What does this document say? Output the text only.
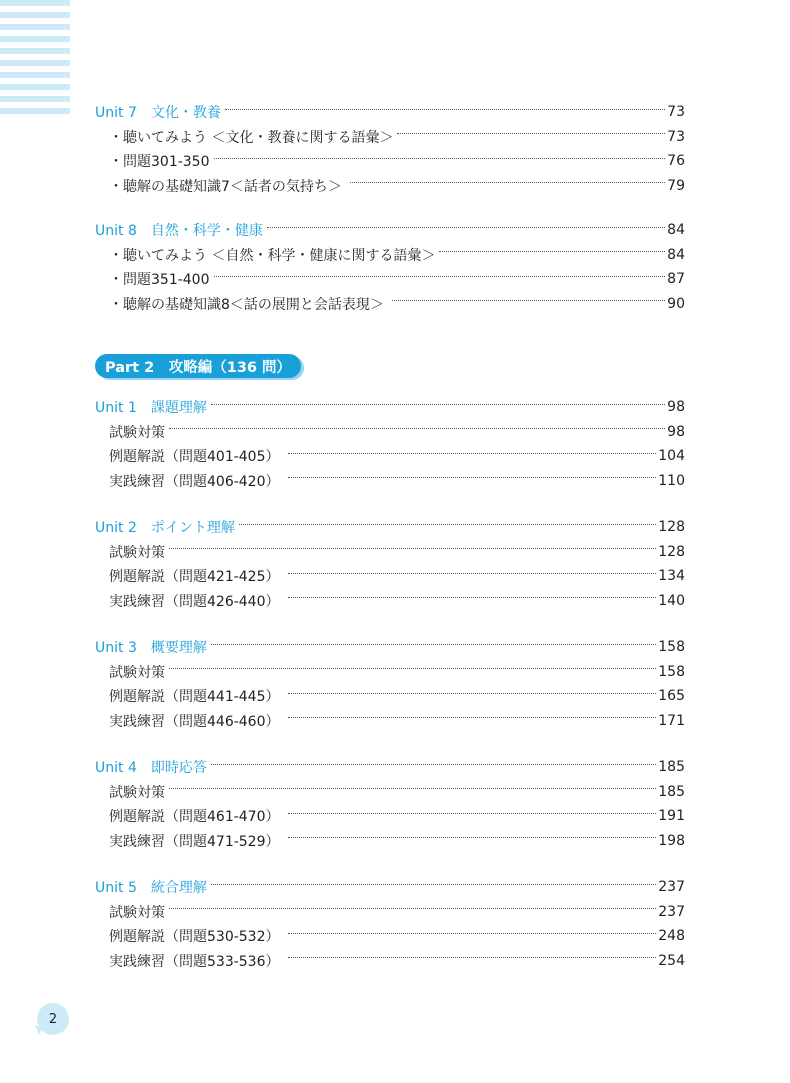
Unit 7　文化・教養	73
・聴いてみよう ＜文化・教養に関する語彙＞	73
・問題301-350	76
・聴解の基礎知識7＜話者の気持ち＞	79
Unit 8　自然・科学・健康	84
・聴いてみよう ＜自然・科学・健康に関する語彙＞	84
・問題351-400	87
・聴解の基礎知識8＜話の展開と会話表現＞	90
Part 2　攻略編（136 問）
Unit 1　課題理解	98
試験対策	98
例題解説（問題401-405）	104
実践練習（問題406-420）	110
Unit 2　ポイント理解	128
試験対策	128
例題解説（問題421-425）	134
実践練習（問題426-440）	140
Unit 3　概要理解	158
試験対策	158
例題解説（問題441-445）	165
実践練習（問題446-460）	171
Unit 4　即時応答	185
試験対策	185
例題解説（問題461-470）	191
実践練習（問題471-529）	198
Unit 5　統合理解	237
試験対策	237
例題解説（問題530-532）	248
実践練習（問題533-536）	254
2
